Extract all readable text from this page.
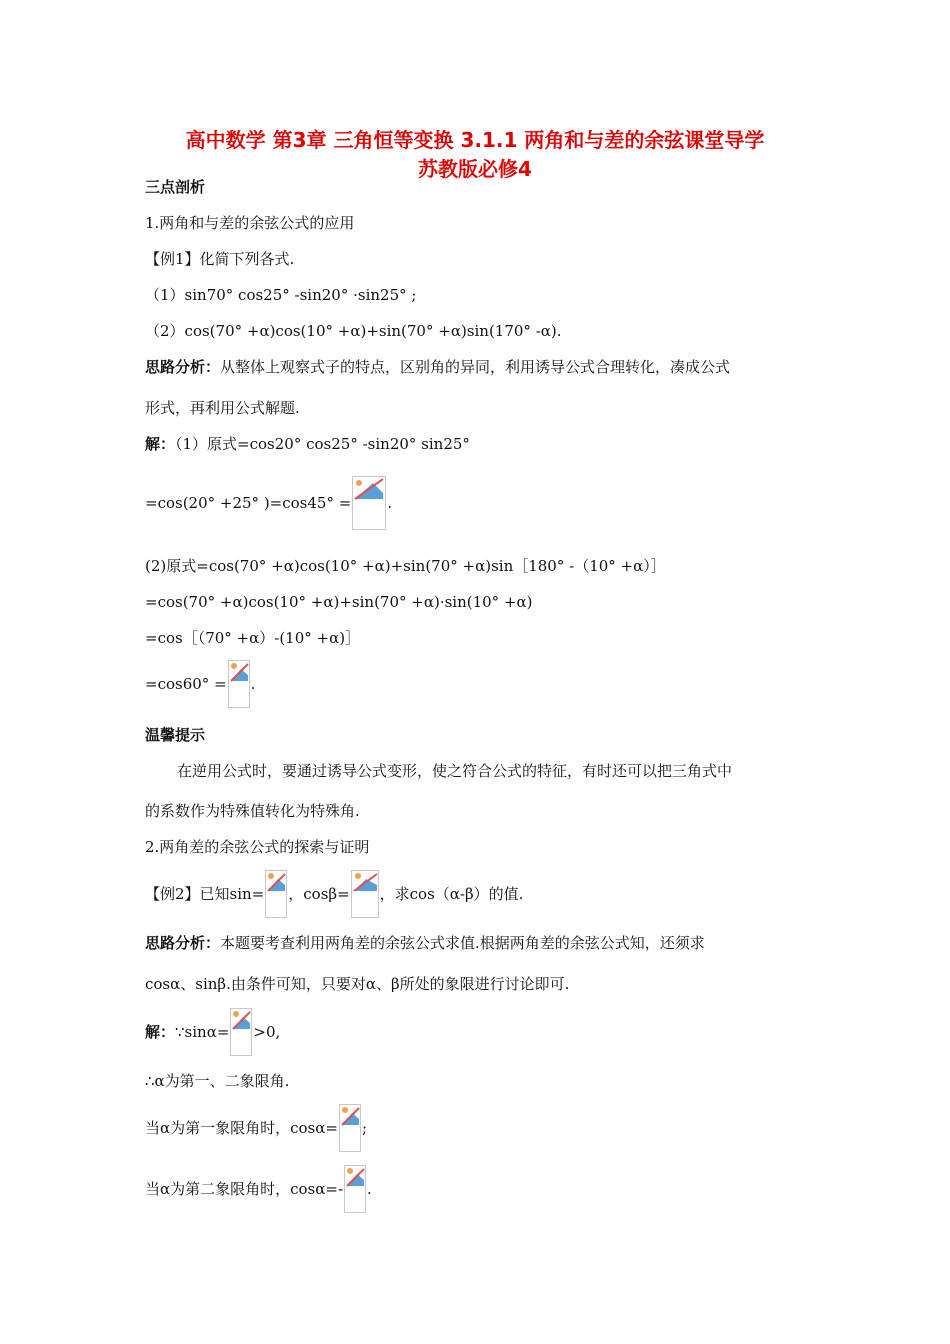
高中数学 第3章 三角恒等变换 3.1.1 两角和与差的余弦课堂导学
苏教版必修4
三点剖析
1.两角和与差的余弦公式的应用
【例1】化简下列各式.
（1）sin70° cos25° -sin20° ·sin25° ;
（2）cos(70° +α)cos(10° +α)+sin(70° +α)sin(170° -α).
思路分析：从整体上观察式子的特点，区别角的异同，利用诱导公式合理转化，凑成公式
形式，再利用公式解题.
解：（1）原式=cos20° cos25° -sin20° sin25°
=cos(20° +25° )=cos45° = .
(2)原式=cos(70° +α)cos(10° +α)+sin(70° +α)sin［180° -（10° +α）］
=cos(70° +α)cos(10° +α)+sin(70° +α)·sin(10° +α)
=cos［（70° +α）-(10° +α)］
=cos60° = .
温馨提示
在逆用公式时，要通过诱导公式变形，使之符合公式的特征，有时还可以把三角式中
的系数作为特殊值转化为特殊角.
2.两角差的余弦公式的探索与证明
【例2】已知sin= ，cosβ= ，求cos（α-β）的值.
思路分析：本题要考查利用两角差的余弦公式求值.根据两角差的余弦公式知，还须求
cosα、sinβ.由条件可知，只要对α、β所处的象限进行讨论即可.
解：∵sinα= >0,
∴α为第一、二象限角.
当α为第一象限角时，cosα= ;
当α为第二象限角时，cosα=- .
